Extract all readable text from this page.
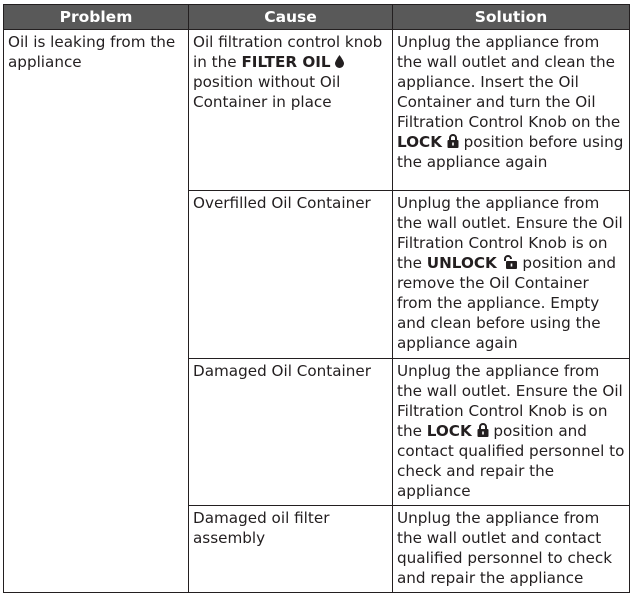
Problem	Cause	Solution
Oil is leaking from the appliance	Oil filtration control knob in the FILTER OIL  position without Oil Container in place	Unplug the appliance from the wall outlet and clean the appliance. Insert the Oil Container and turn the Oil Filtration Control Knob on the LOCK  position before using the appliance again
	Overfilled Oil Container	Unplug the appliance from the wall outlet. Ensure the Oil Filtration Control Knob is on the UNLOCK  position and remove the Oil Container from the appliance. Empty and clean before using the appliance again
	Damaged Oil Container	Unplug the appliance from the wall outlet. Ensure the Oil Filtration Control Knob is on the LOCK  position and contact qualified personnel to check and repair the appliance
	Damaged oil filter assembly	Unplug the appliance from the wall outlet and contact qualified personnel to check and repair the appliance
